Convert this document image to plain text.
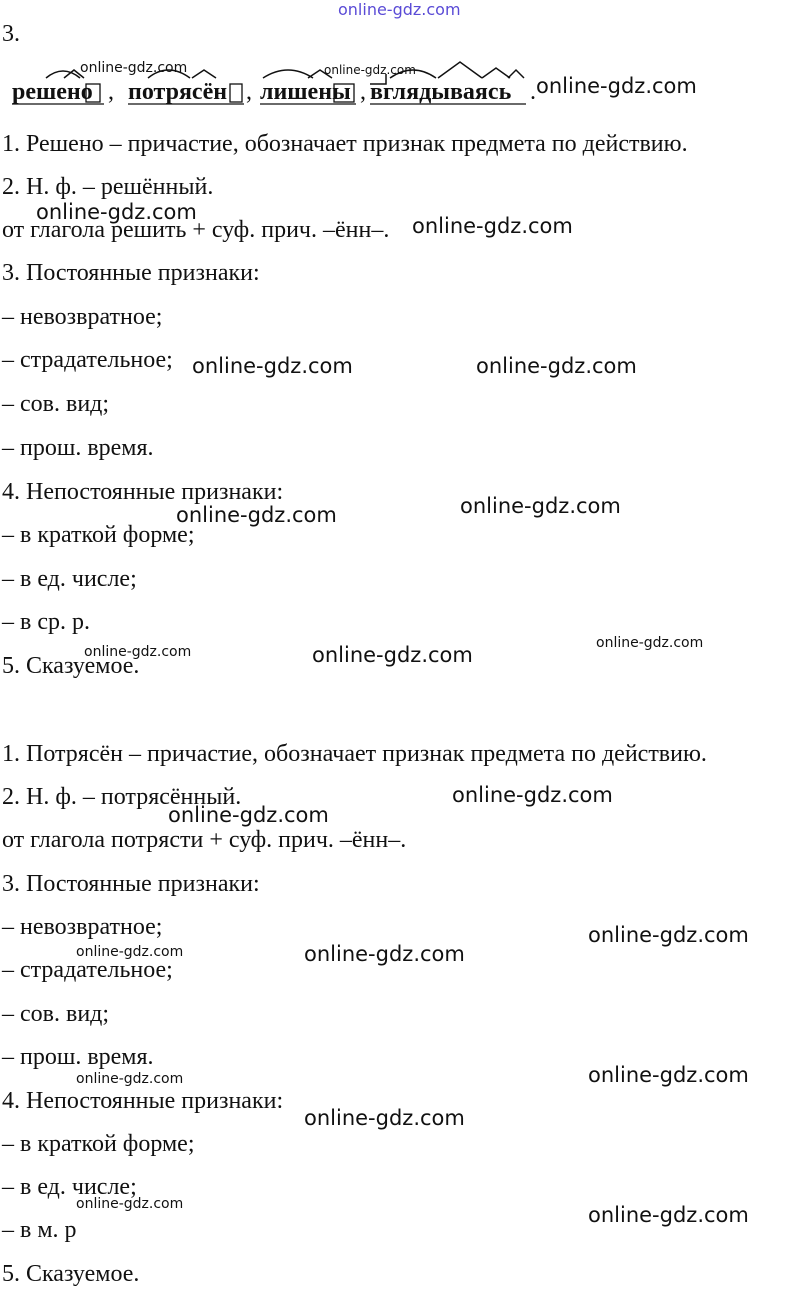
online-gdz.com
3.
решено , потрясён , лишены , вглядываясь .
1. Решено – причастие, обозначает признак предмета по действию.
2. Н. ф. – решённый.
от глагола решить + суф. прич. –ённ–.
3. Постоянные признаки:
– невозвратное;
– страдательное;
– сов. вид;
– прош. время.
4. Непостоянные признаки:
– в краткой форме;
– в ед. числе;
– в ср. р.
5. Сказуемое.
1. Потрясён – причастие, обозначает признак предмета по действию.
2. Н. ф. – потрясённый.
от глагола потрясти + суф. прич. –ённ–.
3. Постоянные признаки:
– невозвратное;
– страдательное;
– сов. вид;
– прош. время.
4. Непостоянные признаки:
– в краткой форме;
– в ед. числе;
– в м. р
5. Сказуемое.
online-gdz.com	online-gdz.com
online-gdz.com
online-gdz.com
online-gdz.com
online-gdz.com	online-gdz.com
online-gdz.com
online-gdz.com
online-gdz.com
online-gdz.com	online-gdz.com
online-gdz.com
online-gdz.com
online-gdz.com
online-gdz.com	online-gdz.com
online-gdz.com
online-gdz.com
online-gdz.com
online-gdz.com	online-gdz.com
